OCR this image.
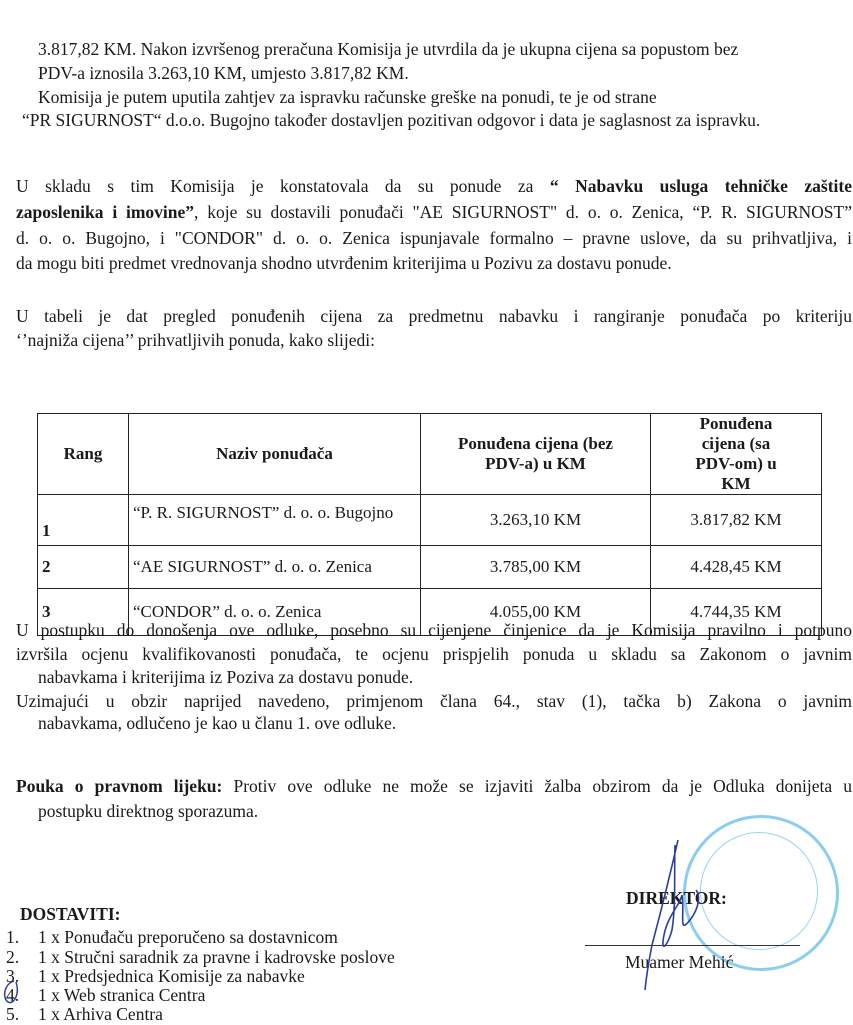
3.817,82 KM. Nakon izvršenog preračuna Komisija je utvrdila da je ukupna cijena sa popustom bez
PDV-a iznosila 3.263,10 KM, umjesto 3.817,82 KM.
Komisija je putem uputila zahtjev za ispravku računske greške na ponudi, te je od strane
“PR SIGURNOST“ d.o.o. Bugojno također dostavljen pozitivan odgovor i data je saglasnost za ispravku.
U skladu s tim Komisija je konstatovala da su ponude za “ Nabavku usluga tehničke zaštite
zaposlenika i imovine”, koje su dostavili ponuđači "AE SIGURNOST" d. o. o. Zenica, “P. R. SIGURNOST”
d. o. o. Bugojno, i "CONDOR" d. o. o. Zenica ispunjavale formalno – pravne uslove, da su prihvatljiva, i
da mogu biti predmet vrednovanja shodno utvrđenim kriterijima u Pozivu za dostavu ponude.
U tabeli je dat pregled ponuđenih cijena za predmetnu nabavku i rangiranje ponuđača po kriteriju
‘’najniža cijena’’ prihvatljivih ponuda, kako slijedi:
Rang	Naziv ponuđača	Ponuđena cijena (bez PDV-a) u KM	Ponuđena cijena (sa PDV-om) u KM
1	“P. R. SIGURNOST” d. o. o. Bugojno	3.263,10 KM	3.817,82 KM
2	“AE SIGURNOST” d. o. o. Zenica	3.785,00 KM	4.428,45 KM
3	“CONDOR” d. o. o. Zenica	4.055,00 KM	4.744,35 KM
U postupku do donošenja ove odluke, posebno su cijenjene činjenice da je Komisija pravilno i potpuno
izvršila ocjenu kvalifikovanosti ponuđača, te ocjenu prispjelih ponuda u skladu sa Zakonom o javnim
nabavkama i kriterijima iz Poziva za dostavu ponude.
Uzimajući u obzir naprijed navedeno, primjenom člana 64., stav (1), tačka b) Zakona o javnim
nabavkama, odlučeno je kao u članu 1. ove odluke.
Pouka o pravnom lijeku: Protiv ove odluke ne može se izjaviti žalba obzirom da je Odluka donijeta u
postupku direktnog sporazuma.
DOSTAVITI:
1. 1 x Ponuđaču preporučeno sa dostavnicom
2. 1 x Stručni saradnik za pravne i kadrovske poslove
3. 1 x Predsjednica Komisije za nabavke
4. 1 x Web stranica Centra
5. 1 x Arhiva Centra
DIREKTOR:
Muamer Mehić
